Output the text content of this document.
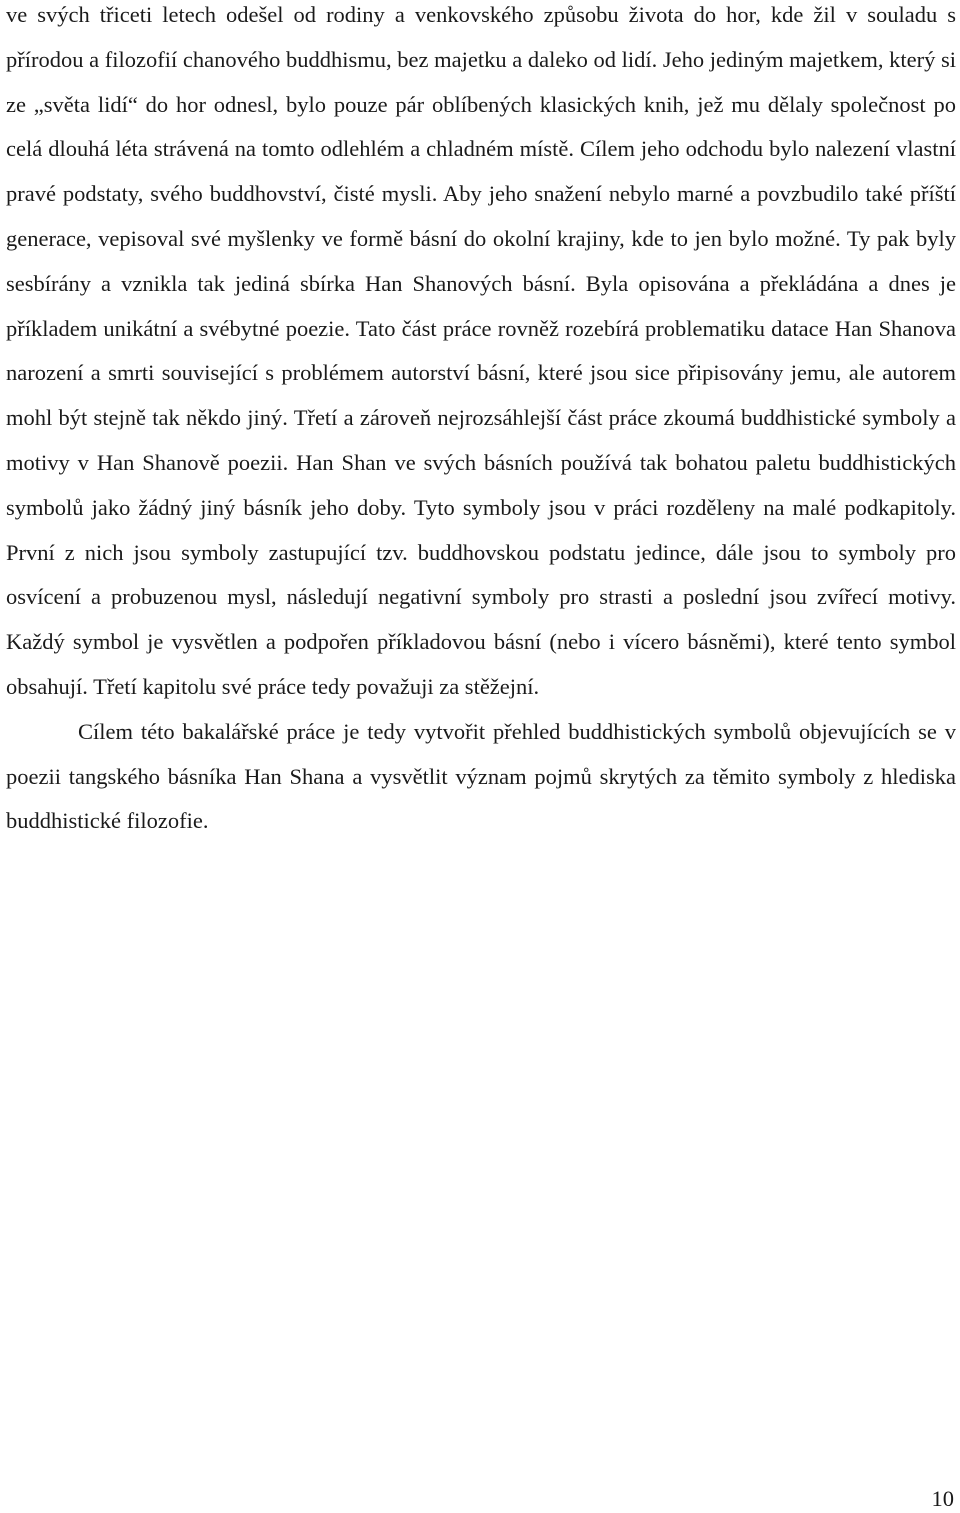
ve svých třiceti letech odešel od rodiny a venkovského způsobu života do hor, kde žil v souladu s přírodou a filozofií chanového buddhismu, bez majetku a daleko od lidí. Jeho jediným majetkem, který si ze „světa lidí“ do hor odnesl, bylo pouze pár oblíbených klasických knih, jež mu dělaly společnost po celá dlouhá léta strávená na tomto odlehlém a chladném místě. Cílem jeho odchodu bylo nalezení vlastní pravé podstaty, svého buddhovství, čisté mysli. Aby jeho snažení nebylo marné a povzbudilo také příští generace, vepisoval své myšlenky ve formě básní do okolní krajiny, kde to jen bylo možné. Ty pak byly sesbírány a vznikla tak jediná sbírka Han Shanových básní. Byla opisována a překládána a dnes je příkladem unikátní a svébytné poezie. Tato část práce rovněž rozebírá problematiku datace Han Shanova narození a smrti související s problémem autorství básní, které jsou sice připisovány jemu, ale autorem mohl být stejně tak někdo jiný. Třetí a zároveň nejrozsáhlejší část práce zkoumá buddhistické symboly a motivy v Han Shanově poezii. Han Shan ve svých básních používá tak bohatou paletu buddhistických symbolů jako žádný jiný básník jeho doby. Tyto symboly jsou v práci rozděleny na malé podkapitoly. První z nich jsou symboly zastupující tzv. buddhovskou podstatu jedince, dále jsou to symboly pro osvícení a probuzenou mysl, následují negativní symboly pro strasti a poslední jsou zvířecí motivy. Každý symbol je vysvětlen a podpořen příkladovou básní (nebo i vícero básněmi), které tento symbol obsahují. Třetí kapitolu své práce tedy považuji za stěžejní.

Cílem této bakalářské práce je tedy vytvořit přehled buddhistických symbolů objevujících se v poezii tangského básníka Han Shana a vysvětlit význam pojmů skrytých za těmito symboly z hlediska buddhistické filozofie.

10
